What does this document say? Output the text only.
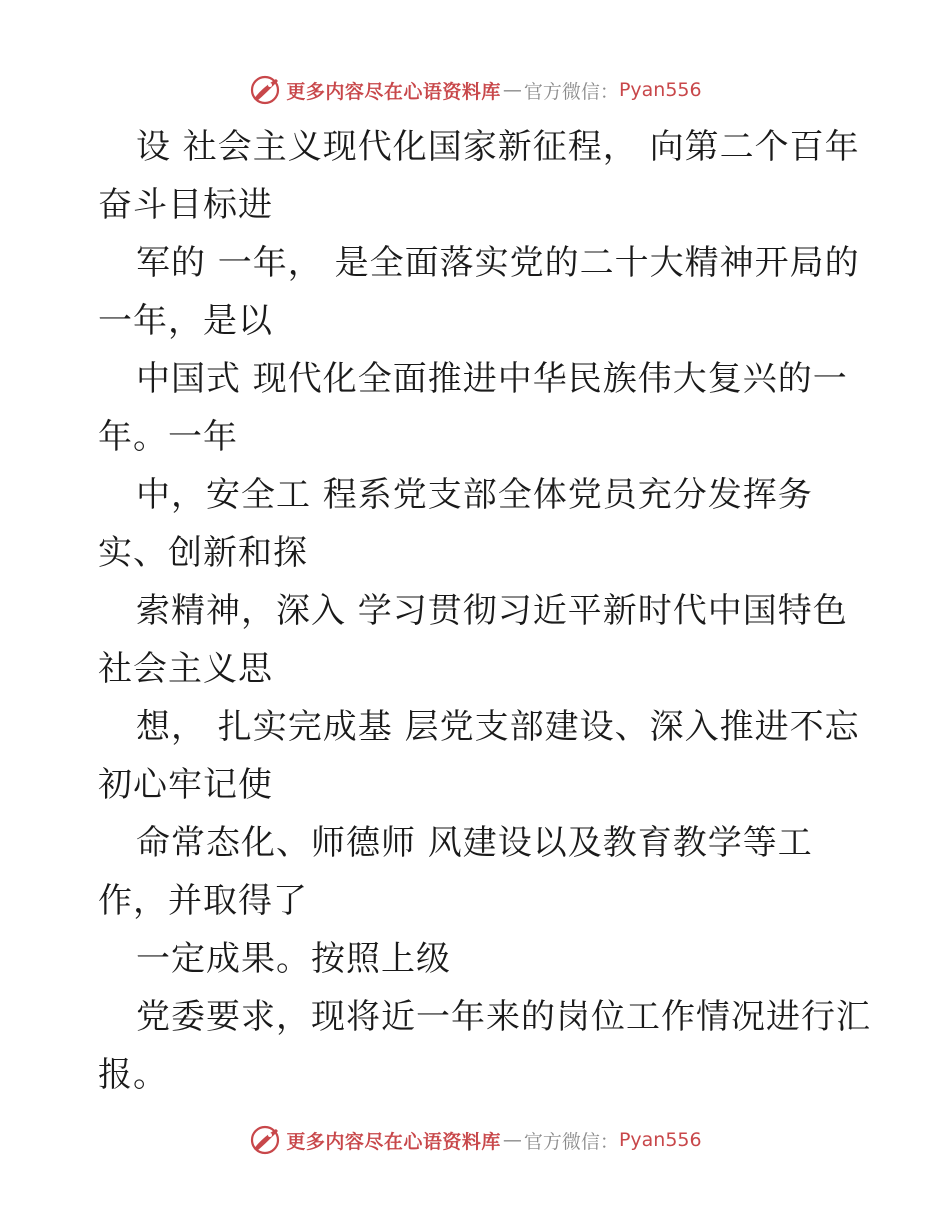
更多内容尽在心语资料库 — 官方微信： Pyan556
设 社会主义现代化国家新征程， 向第二个百年
奋斗目标进
军的 一年， 是全面落实党的二十大精神开局的
一年，是以
中国式 现代化全面推进中华民族伟大复兴的一
年。一年
中，安全工 程系党支部全体党员充分发挥务
实、创新和探
索精神，深入 学习贯彻习近平新时代中国特色
社会主义思
想， 扎实完成基 层党支部建设、深入推进不忘
初心牢记使
命常态化、师德师 风建设以及教育教学等工
作，并取得了
一定成果。按照上级
党委要求，现将近一年来的岗位工作情况进行汇
报。
更多内容尽在心语资料库 — 官方微信： Pyan556
